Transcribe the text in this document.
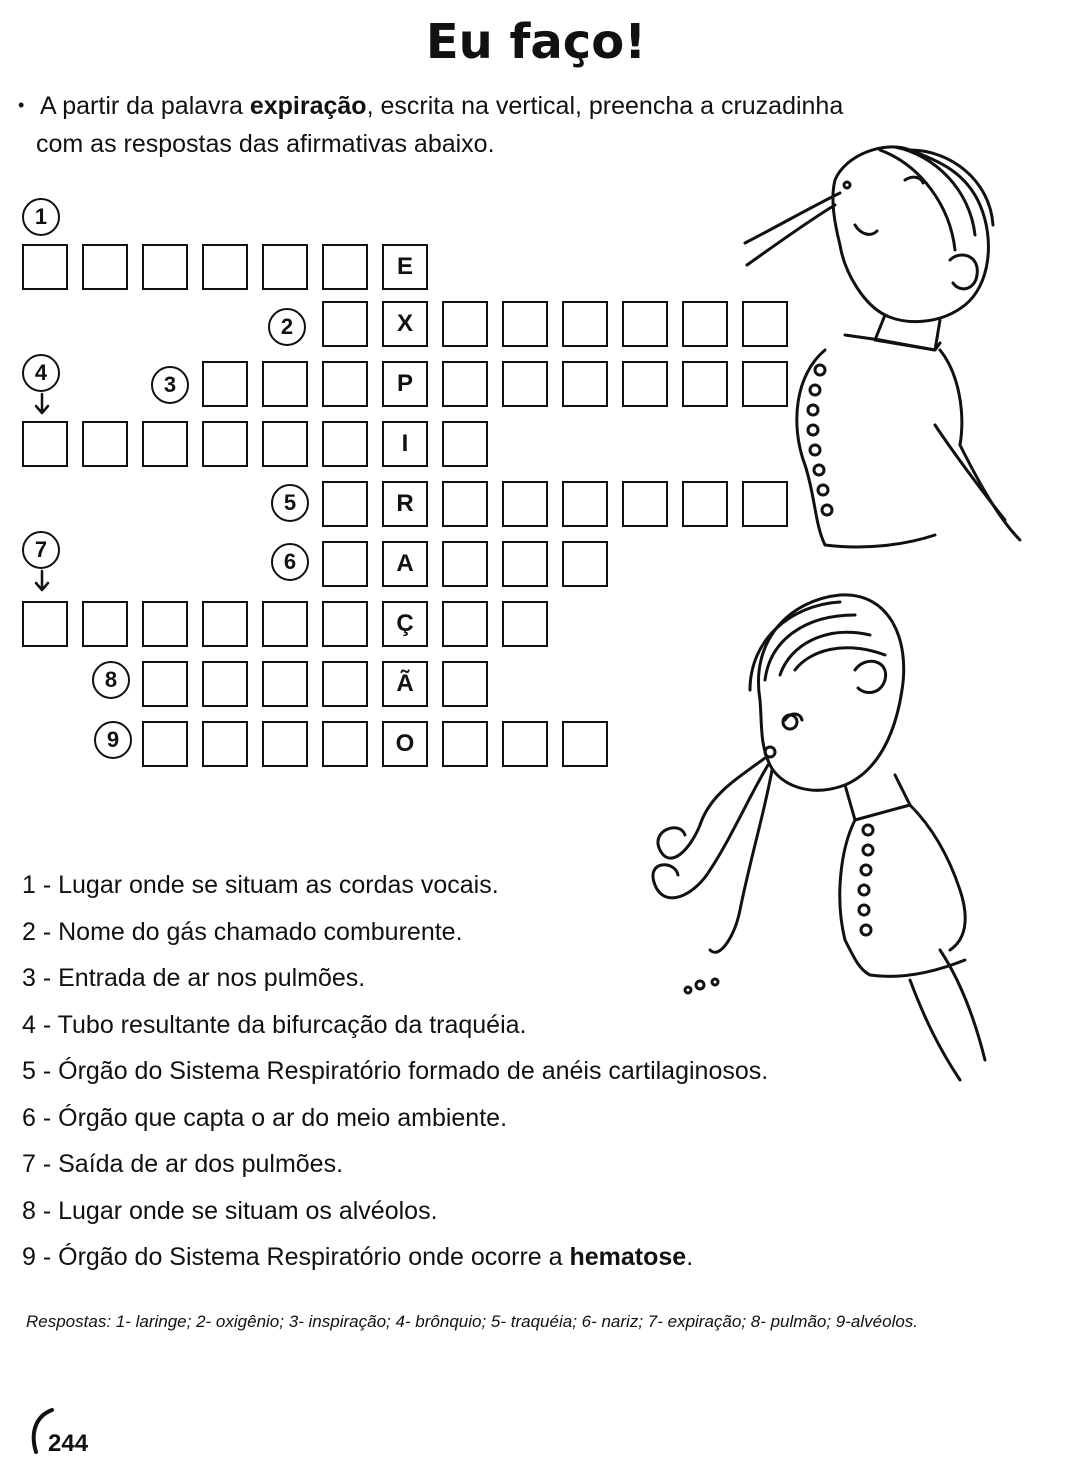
Eu faço!
• A partir da palavra expiração, escrita na vertical, preencha a cruzadinha
com as respostas das afirmativas abaixo.
E
X
P
I
R
A
Ç
Ã
O
1
2
3
4
5
6
7
8
9
1 - Lugar onde se situam as cordas vocais.
2 - Nome do gás chamado comburente.
3 - Entrada de ar nos pulmões.
4 - Tubo resultante da bifurcação da traquéia.
5 - Órgão do Sistema Respiratório formado de anéis cartilaginosos.
6 - Órgão que capta o ar do meio ambiente.
7 - Saída de ar dos pulmões.
8 - Lugar onde se situam os alvéolos.
9 - Órgão do Sistema Respiratório onde ocorre a hematose.
Respostas: 1- laringe; 2- oxigênio; 3- inspiração; 4- brônquio; 5- traquéia; 6- nariz; 7- expiração; 8- pulmão; 9-alvéolos.
244
